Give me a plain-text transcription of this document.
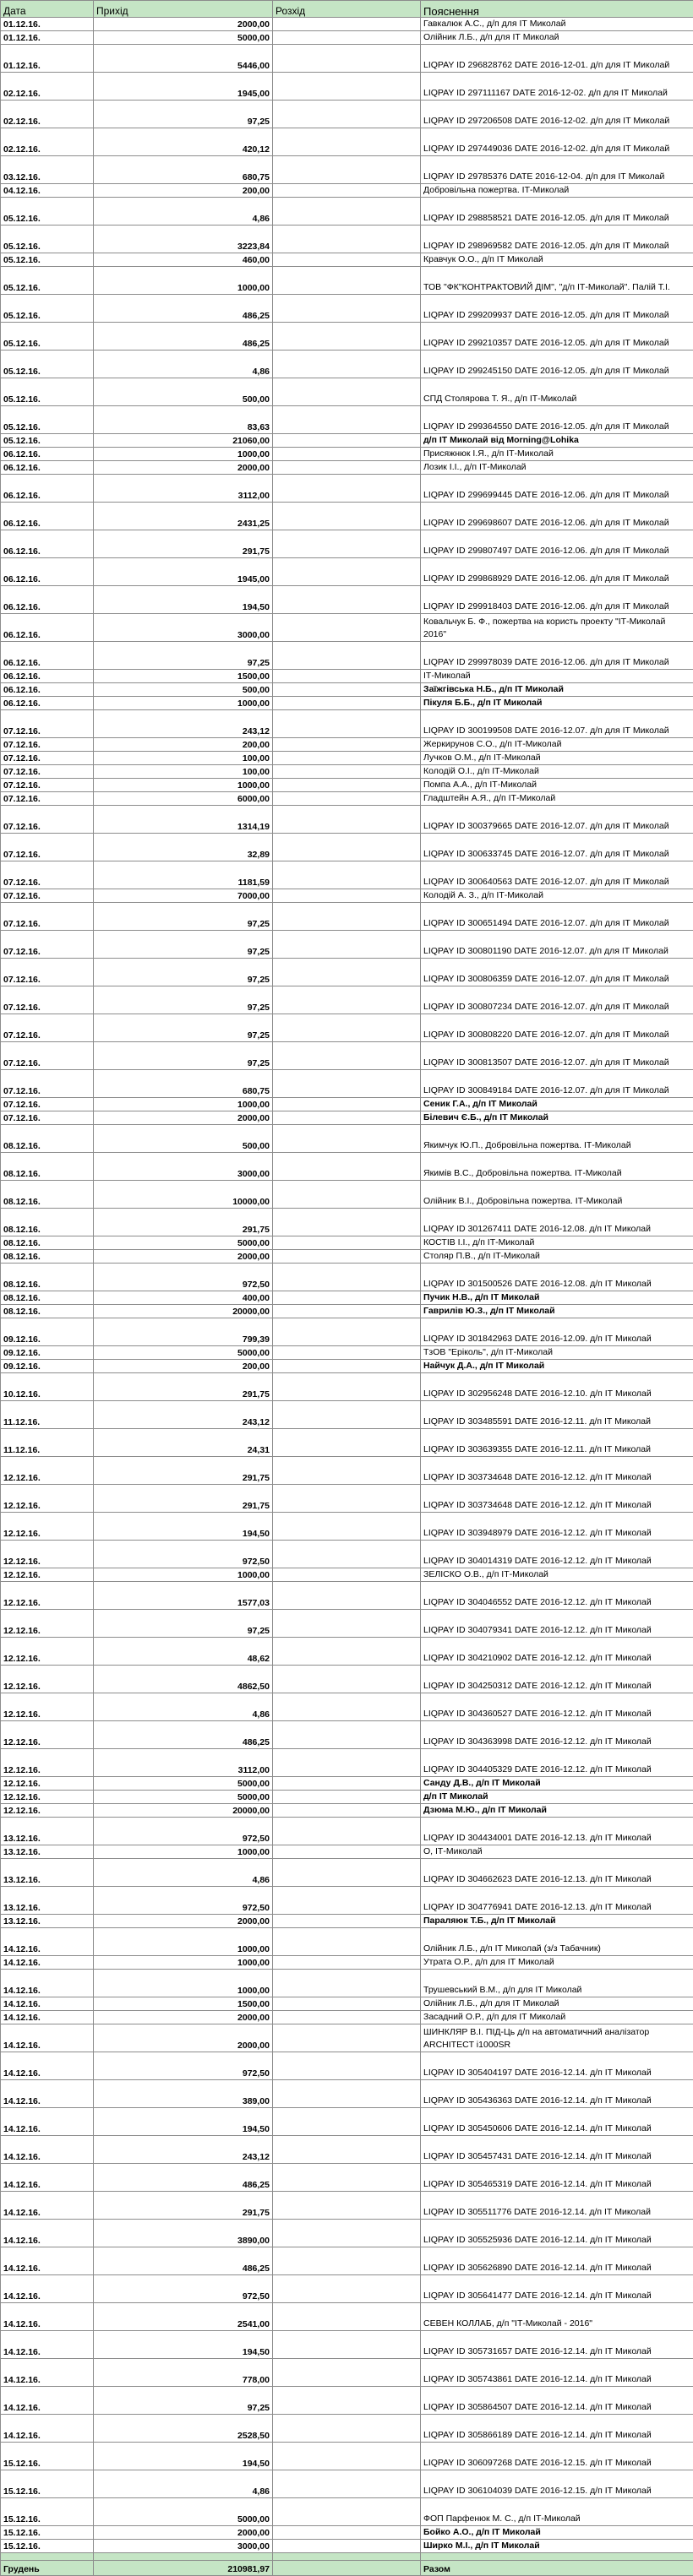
Дата	Прихід	Розхід	Пояснення
01.12.16.	2000,00		Гавкалюк А.С., д/п для ІТ Миколай
01.12.16.	5000,00		Олійник Л.Б., д/п для ІТ Миколай
01.12.16.	5446,00		LIQPAY ID 296828762 DATE 2016-12-01. д/п для ІТ Миколай
02.12.16.	1945,00		LIQPAY ID 297111167 DATE 2016-12-02. д/п для ІТ Миколай
02.12.16.	97,25		LIQPAY ID 297206508 DATE 2016-12-02. д/п для ІТ Миколай
02.12.16.	420,12		LIQPAY ID 297449036 DATE 2016-12-02. д/п для ІТ Миколай
03.12.16.	680,75		LIQPAY ID 29785376 DATE 2016-12-04. д/п для ІТ Миколай
04.12.16.	200,00		Добровільна пожертва. ІТ-Миколай
05.12.16.	4,86		LIQPAY ID 298858521 DATE 2016-12.05. д/п для ІТ Миколай
05.12.16.	3223,84		LIQPAY ID 298969582 DATE 2016-12.05. д/п для ІТ Миколай
05.12.16.	460,00		Кравчук О.О., д/п ІТ Миколай
05.12.16.	1000,00		ТОВ "ФК"КОНТРАКТОВИЙ ДІМ", "д/п ІТ-Миколай". Палій Т.І.
05.12.16.	486,25		LIQPAY ID 299209937 DATE 2016-12.05. д/п для ІТ Миколай
05.12.16.	486,25		LIQPAY ID 299210357 DATE 2016-12.05. д/п для ІТ Миколай
05.12.16.	4,86		LIQPAY ID 299245150 DATE 2016-12.05. д/п для ІТ Миколай
05.12.16.	500,00		СПД Столярова Т. Я., д/п ІТ-Миколай
05.12.16.	83,63		LIQPAY ID 299364550 DATE 2016-12.05. д/п для ІТ Миколай
05.12.16.	21060,00		д/п ІТ Миколай від Morning@Lohika
06.12.16.	1000,00		Присяжнюк І.Я., д/п ІТ-Миколай
06.12.16.	2000,00		Лозик І.І., д/п ІТ-Миколай
06.12.16.	3112,00		LIQPAY ID 299699445 DATE 2016-12.06. д/п для ІТ Миколай
06.12.16.	2431,25		LIQPAY ID 299698607 DATE 2016-12.06. д/п для ІТ Миколай
06.12.16.	291,75		LIQPAY ID 299807497 DATE 2016-12.06. д/п для ІТ Миколай
06.12.16.	1945,00		LIQPAY ID 299868929 DATE 2016-12.06. д/п для ІТ Миколай
06.12.16.	194,50		LIQPAY ID 299918403 DATE 2016-12.06. д/п для ІТ Миколай
06.12.16.	3000,00		Ковальчук Б. Ф., пожертва на користь проекту "ІТ-Миколай 2016"
06.12.16.	97,25		LIQPAY ID 299978039 DATE 2016-12.06. д/п для ІТ Миколай
06.12.16.	1500,00		ІТ-Миколай
06.12.16.	500,00		Заїжгівська Н.Б., д/п ІТ Миколай
06.12.16.	1000,00		Пікуля Б.Б., д/п ІТ Миколай
07.12.16.	243,12		LIQPAY ID 300199508 DATE 2016-12.07. д/п для ІТ Миколай
07.12.16.	200,00		Жеркирунов С.О., д/п ІТ-Миколай
07.12.16.	100,00		Лучков О.М., д/п ІТ-Миколай
07.12.16.	100,00		Колодій О.І., д/п ІТ-Миколай
07.12.16.	1000,00		Помпа А.А., д/п ІТ-Миколай
07.12.16.	6000,00		Гладштейн А.Я., д/п ІТ-Миколай
07.12.16.	1314,19		LIQPAY ID 300379665 DATE 2016-12.07. д/п для ІТ Миколай
07.12.16.	32,89		LIQPAY ID 300633745 DATE 2016-12.07. д/п для ІТ Миколай
07.12.16.	1181,59		LIQPAY ID 300640563 DATE 2016-12.07. д/п для ІТ Миколай
07.12.16.	7000,00		Колодій А. З., д/п ІТ-Миколай
07.12.16.	97,25		LIQPAY ID 300651494 DATE 2016-12.07. д/п для ІТ Миколай
07.12.16.	97,25		LIQPAY ID 300801190 DATE 2016-12.07. д/п для ІТ Миколай
07.12.16.	97,25		LIQPAY ID 300806359 DATE 2016-12.07. д/п для ІТ Миколай
07.12.16.	97,25		LIQPAY ID 300807234 DATE 2016-12.07. д/п для ІТ Миколай
07.12.16.	97,25		LIQPAY ID 300808220 DATE 2016-12.07. д/п для ІТ Миколай
07.12.16.	97,25		LIQPAY ID 300813507 DATE 2016-12.07. д/п для ІТ Миколай
07.12.16.	680,75		LIQPAY ID 300849184 DATE 2016-12.07. д/п для ІТ Миколай
07.12.16.	1000,00		Сеник Г.А., д/п ІТ Миколай
07.12.16.	2000,00		Білевич Є.Б., д/п ІТ Миколай
08.12.16.	500,00		Якимчук Ю.П., Добровільна пожертва. ІТ-Миколай
08.12.16.	3000,00		Якимів В.С., Добровільна пожертва. ІТ-Миколай
08.12.16.	10000,00		Олійник В.І., Добровільна пожертва. ІТ-Миколай
08.12.16.	291,75		LIQPAY ID 301267411 DATE 2016-12.08. д/п ІТ Миколай
08.12.16.	5000,00		КОСТІВ І.І., д/п ІТ-Миколай
08.12.16.	2000,00		Столяр П.В., д/п ІТ-Миколай
08.12.16.	972,50		LIQPAY ID 301500526 DATE 2016-12.08. д/п ІТ Миколай
08.12.16.	400,00		Пучик Н.В., д/п ІТ Миколай
08.12.16.	20000,00		Гаврилів Ю.З., д/п ІТ Миколай
09.12.16.	799,39		LIQPAY ID 301842963 DATE 2016-12.09. д/п ІТ Миколай
09.12.16.	5000,00		ТзОВ "Еріколь", д/п ІТ-Миколай
09.12.16.	200,00		Найчук Д.А., д/п ІТ Миколай
10.12.16.	291,75		LIQPAY ID 302956248 DATE 2016-12.10. д/п ІТ Миколай
11.12.16.	243,12		LIQPAY ID 303485591 DATE 2016-12.11. д/п ІТ Миколай
11.12.16.	24,31		LIQPAY ID 303639355 DATE 2016-12.11. д/п ІТ Миколай
12.12.16.	291,75		LIQPAY ID 303734648 DATE 2016-12.12. д/п ІТ Миколай
12.12.16.	291,75		LIQPAY ID 303734648 DATE 2016-12.12. д/п ІТ Миколай
12.12.16.	194,50		LIQPAY ID 303948979 DATE 2016-12.12. д/п ІТ Миколай
12.12.16.	972,50		LIQPAY ID 304014319 DATE 2016-12.12. д/п ІТ Миколай
12.12.16.	1000,00		ЗЕЛІСКО О.В., д/п ІТ-Миколай
12.12.16.	1577,03		LIQPAY ID 304046552 DATE 2016-12.12. д/п ІТ Миколай
12.12.16.	97,25		LIQPAY ID 304079341 DATE 2016-12.12. д/п ІТ Миколай
12.12.16.	48,62		LIQPAY ID 304210902 DATE 2016-12.12. д/п ІТ Миколай
12.12.16.	4862,50		LIQPAY ID 304250312 DATE 2016-12.12. д/п ІТ Миколай
12.12.16.	4,86		LIQPAY ID 304360527 DATE 2016-12.12. д/п ІТ Миколай
12.12.16.	486,25		LIQPAY ID 304363998 DATE 2016-12.12. д/п ІТ Миколай
12.12.16.	3112,00		LIQPAY ID 304405329 DATE 2016-12.12. д/п ІТ Миколай
12.12.16.	5000,00		Санду Д.В., д/п ІТ Миколай
12.12.16.	5000,00		д/п ІТ Миколай
12.12.16.	20000,00		Дзюма М.Ю., д/п ІТ Миколай
13.12.16.	972,50		LIQPAY ID 304434001 DATE 2016-12.13. д/п ІТ Миколай
13.12.16.	1000,00		О, ІТ-Миколай
13.12.16.	4,86		LIQPAY ID 304662623 DATE 2016-12.13. д/п ІТ Миколай
13.12.16.	972,50		LIQPAY ID 304776941 DATE 2016-12.13. д/п ІТ Миколай
13.12.16.	2000,00		Параляюк Т.Б., д/п ІТ Миколай
14.12.16.	1000,00		Олійник Л.Б., д/п ІТ Миколай (з/з Табачник)
14.12.16.	1000,00		Утрата О.Р., д/п для ІТ Миколай
14.12.16.	1000,00		Трушевський В.М., д/п для ІТ Миколай
14.12.16.	1500,00		Олійник Л.Б., д/п для ІТ Миколай
14.12.16.	2000,00		Засадний О.Р., д/п для ІТ Миколай
14.12.16.	2000,00		ШИНКЛЯР В.І. ПІД-Ць д/п на автоматичний аналізатор ARCHITECT i1000SR
14.12.16.	972,50		LIQPAY ID 305404197 DATE 2016-12.14. д/п ІТ Миколай
14.12.16.	389,00		LIQPAY ID 305436363 DATE 2016-12.14. д/п ІТ Миколай
14.12.16.	194,50		LIQPAY ID 305450606 DATE 2016-12.14. д/п ІТ Миколай
14.12.16.	243,12		LIQPAY ID 305457431 DATE 2016-12.14. д/п ІТ Миколай
14.12.16.	486,25		LIQPAY ID 305465319 DATE 2016-12.14. д/п ІТ Миколай
14.12.16.	291,75		LIQPAY ID 305511776 DATE 2016-12.14. д/п ІТ Миколай
14.12.16.	3890,00		LIQPAY ID 305525936 DATE 2016-12.14. д/п ІТ Миколай
14.12.16.	486,25		LIQPAY ID 305626890 DATE 2016-12.14. д/п ІТ Миколай
14.12.16.	972,50		LIQPAY ID 305641477 DATE 2016-12.14. д/п ІТ Миколай
14.12.16.	2541,00		СЕВЕН КОЛЛАБ, д/п "ІТ-Миколай - 2016"
14.12.16.	194,50		LIQPAY ID 305731657 DATE 2016-12.14. д/п ІТ Миколай
14.12.16.	778,00		LIQPAY ID 305743861 DATE 2016-12.14. д/п ІТ Миколай
14.12.16.	97,25		LIQPAY ID 305864507 DATE 2016-12.14. д/п ІТ Миколай
14.12.16.	2528,50		LIQPAY ID 305866189 DATE 2016-12.14. д/п ІТ Миколай
15.12.16.	194,50		LIQPAY ID 306097268 DATE 2016-12.15. д/п ІТ Миколай
15.12.16.	4,86		LIQPAY ID 306104039 DATE 2016-12.15. д/п ІТ Миколай
15.12.16.	5000,00		ФОП Парфенюк М. С., д/п ІТ-Миколай
15.12.16.	2000,00		Бойко А.О., д/п ІТ Миколай
15.12.16.	3000,00		Ширко М.І., д/п ІТ Миколай

Грудень	210981,97		Разом
